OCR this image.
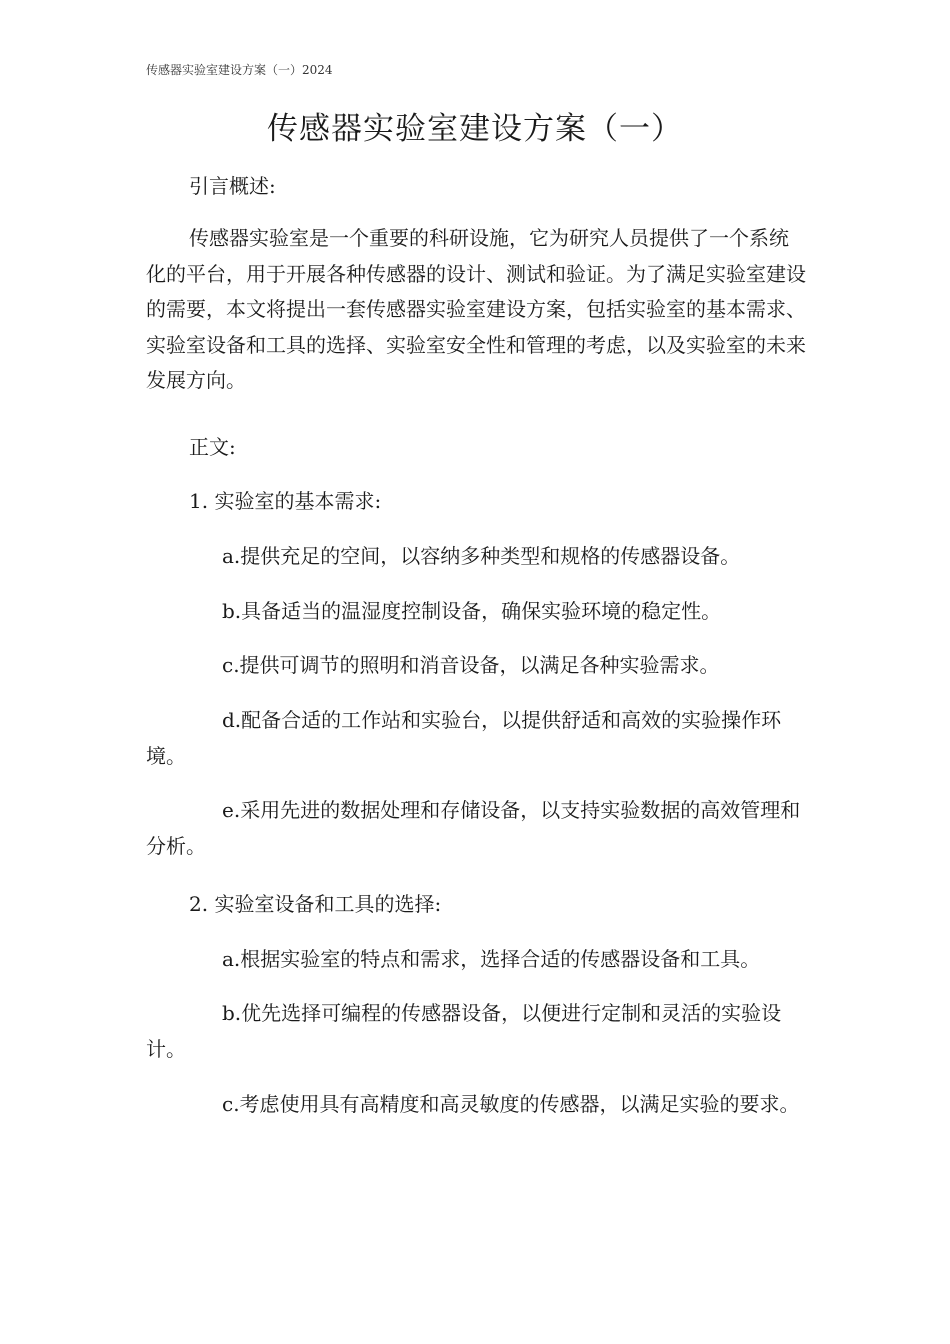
传感器实验室建设方案（一）2024
传感器实验室建设方案（一）

引言概述:

传感器实验室是一个重要的科研设施，它为研究人员提供了一个系统化的平台，用于开展各种传感器的设计、测试和验证。为了满足实验室建设的需要，本文将提出一套传感器实验室建设方案，包括实验室的基本需求、实验室设备和工具的选择、实验室安全性和管理的考虑，以及实验室的未来发展方向。

正文:

1. 实验室的基本需求:

a.提供充足的空间，以容纳多种类型和规格的传感器设备。

b.具备适当的温湿度控制设备，确保实验环境的稳定性。

c.提供可调节的照明和消音设备，以满足各种实验需求。

d.配备合适的工作站和实验台，以提供舒适和高效的实验操作环境。

e.采用先进的数据处理和存储设备，以支持实验数据的高效管理和分析。

2. 实验室设备和工具的选择:

a.根据实验室的特点和需求，选择合适的传感器设备和工具。

b.优先选择可编程的传感器设备，以便进行定制和灵活的实验设计。

c.考虑使用具有高精度和高灵敏度的传感器，以满足实验的要求。
